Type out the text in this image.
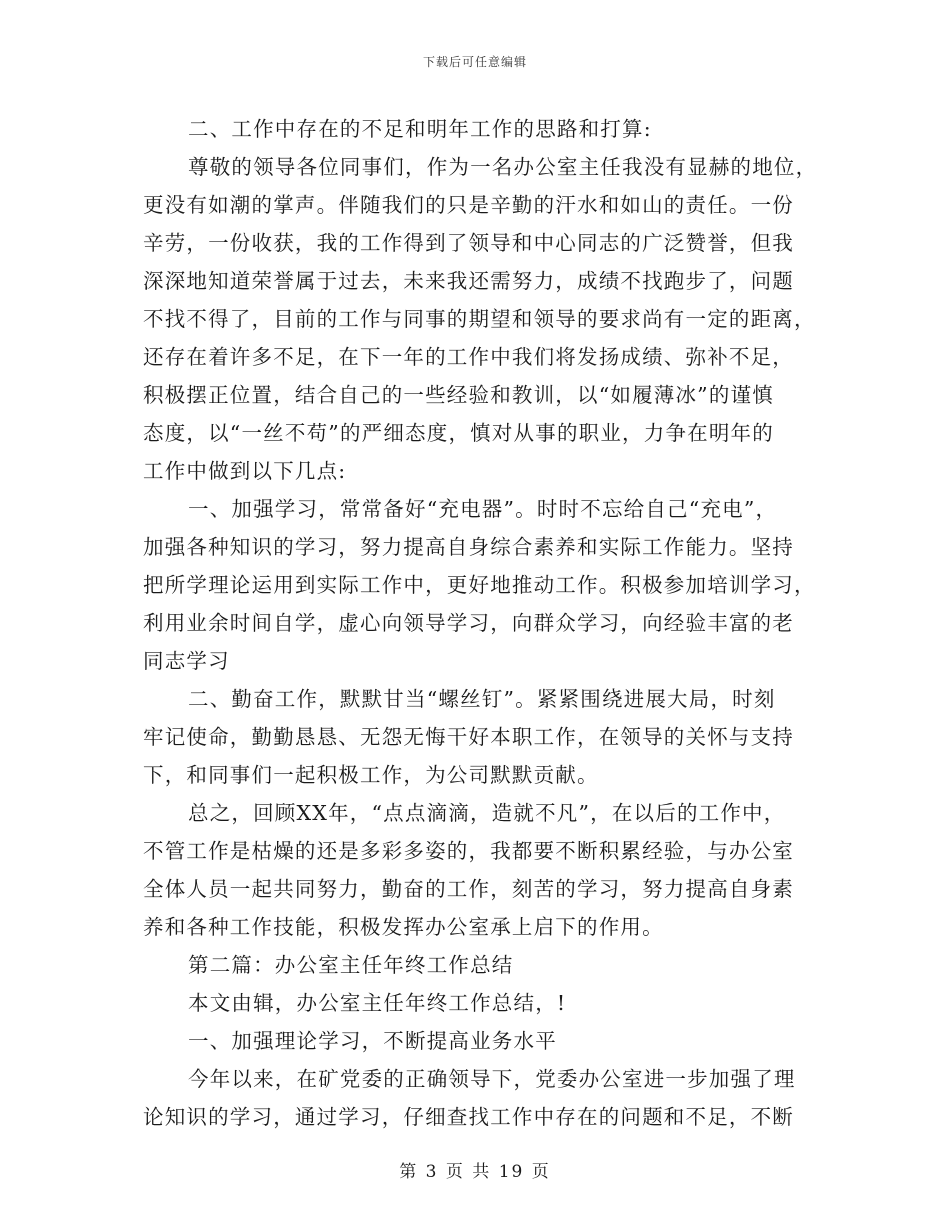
下载后可任意编辑
二、工作中存在的不足和明年工作的思路和打算:
尊敬的领导各位同事们，作为一名办公室主任我没有显赫的地位，
更没有如潮的掌声。伴随我们的只是辛勤的汗水和如山的责任。一份
辛劳，一份收获，我的工作得到了领导和中心同志的广泛赞誉，但我
深深地知道荣誉属于过去，未来我还需努力，成绩不找跑步了，问题
不找不得了，目前的工作与同事的期望和领导的要求尚有一定的距离，
还存在着许多不足，在下一年的工作中我们将发扬成绩、弥补不足，
积极摆正位置，结合自己的一些经验和教训，以“如履薄冰”的谨慎
态度，以“一丝不苟”的严细态度，慎对从事的职业，力争在明年的
工作中做到以下几点:
一、加强学习，常常备好“充电器”。时时不忘给自己“充电”，
加强各种知识的学习，努力提高自身综合素养和实际工作能力。坚持
把所学理论运用到实际工作中，更好地推动工作。积极参加培训学习，
利用业余时间自学，虚心向领导学习，向群众学习，向经验丰富的老
同志学习
二、勤奋工作，默默甘当“螺丝钉”。紧紧围绕进展大局，时刻
牢记使命，勤勤恳恳、无怨无悔干好本职工作，在领导的关怀与支持
下，和同事们一起积极工作，为公司默默贡献。
总之，回顾XX年，“点点滴滴，造就不凡”，在以后的工作中，
不管工作是枯燥的还是多彩多姿的，我都要不断积累经验，与办公室
全体人员一起共同努力，勤奋的工作，刻苦的学习，努力提高自身素
养和各种工作技能，积极发挥办公室承上启下的作用。
第二篇：办公室主任年终工作总结
本文由辑，办公室主任年终工作总结，!
一、加强理论学习，不断提高业务水平
今年以来，在矿党委的正确领导下，党委办公室进一步加强了理
论知识的学习，通过学习，仔细查找工作中存在的问题和不足，不断
第 3 页 共 19 页
